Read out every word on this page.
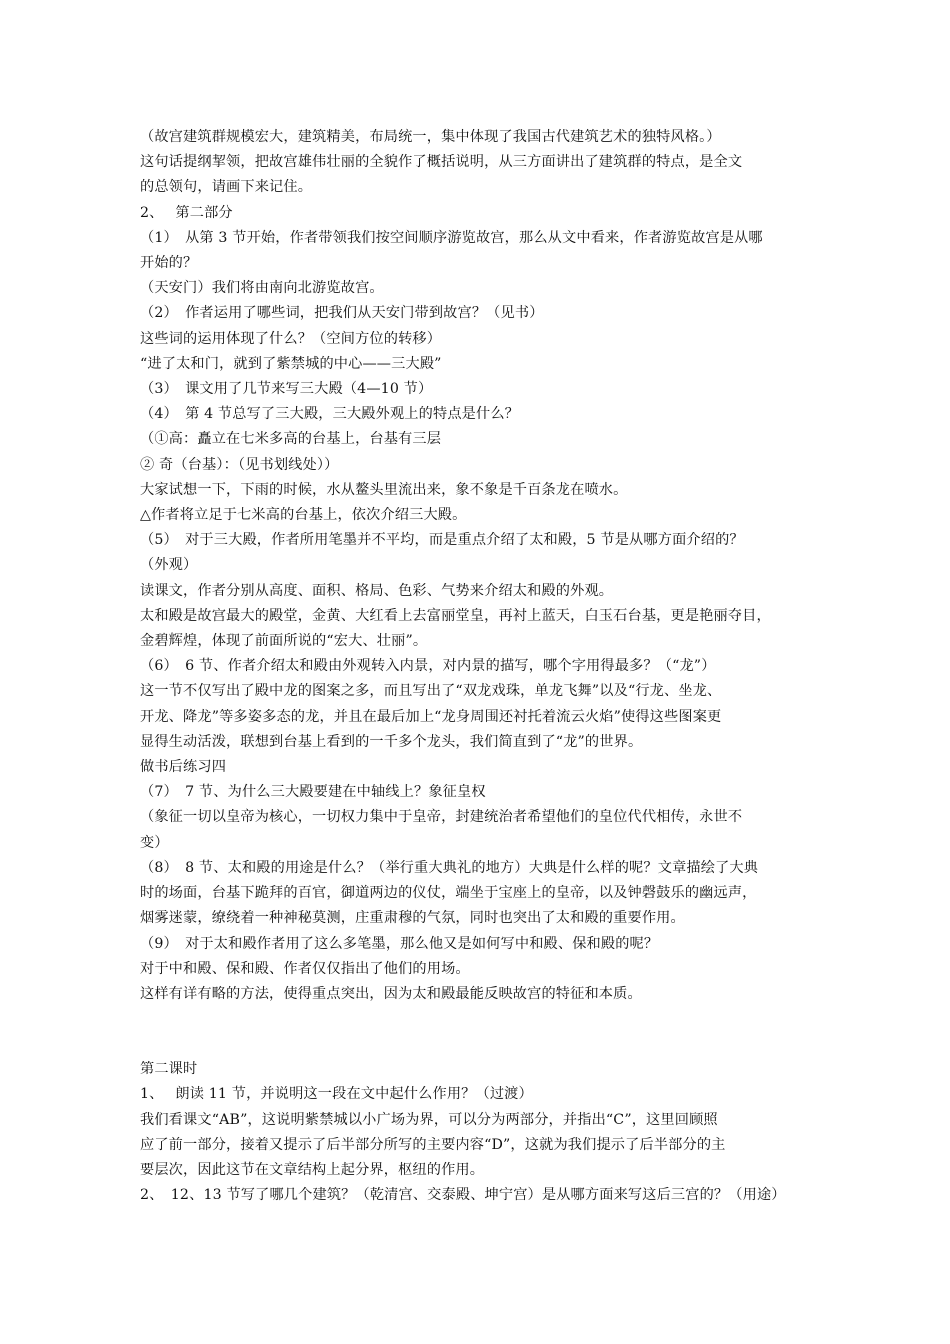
（故宫建筑群规模宏大，建筑精美，布局统一，集中体现了我国古代建筑艺术的独特风格。）
这句话提纲挈领，把故宫雄伟壮丽的全貌作了概括说明，从三方面讲出了建筑群的特点，是全文
的总领句，请画下来记住。
2、　 第二部分
（1）　从第 3 节开始，作者带领我们按空间顺序游览故宫，那么从文中看来，作者游览故宫是从哪
开始的？
（天安门）我们将由南向北游览故宫。
（2）　作者运用了哪些词，把我们从天安门带到故宫？（见书）
这些词的运用体现了什么？（空间方位的转移）
“进了太和门，就到了紫禁城的中心——三大殿”
（3）　课文用了几节来写三大殿（4—10 节）
（4）　第 4 节总写了三大殿，三大殿外观上的特点是什么？
（①高：矗立在七米多高的台基上，台基有三层
② 奇（台基）：（见书划线处））
大家试想一下，下雨的时候，水从鳌头里流出来，象不象是千百条龙在喷水。
△作者将立足于七米高的台基上，依次介绍三大殿。
（5）　对于三大殿，作者所用笔墨并不平均，而是重点介绍了太和殿，5 节是从哪方面介绍的？
（外观）
读课文，作者分别从高度、面积、格局、色彩、气势来介绍太和殿的外观。
太和殿是故宫最大的殿堂，金黄、大红看上去富丽堂皇，再衬上蓝天，白玉石台基，更是艳丽夺目，
金碧辉煌，体现了前面所说的“宏大、壮丽”。
（6）　6 节、作者介绍太和殿由外观转入内景，对内景的描写，哪个字用得最多？（“龙”）
这一节不仅写出了殿中龙的图案之多，而且写出了“双龙戏珠，单龙飞舞”以及“行龙、坐龙、
开龙、降龙”等多姿多态的龙，并且在最后加上“龙身周围还衬托着流云火焰”使得这些图案更
显得生动活泼，联想到台基上看到的一千多个龙头，我们简直到了“龙”的世界。
做书后练习四
（7）　7 节、为什么三大殿要建在中轴线上？象征皇权
（象征一切以皇帝为核心，一切权力集中于皇帝，封建统治者希望他们的皇位代代相传，永世不
变）
（8）　8 节、太和殿的用途是什么？（举行重大典礼的地方）大典是什么样的呢？文章描绘了大典
时的场面，台基下跪拜的百官，御道两边的仪仗，端坐于宝座上的皇帝，以及钟磬鼓乐的幽远声，
烟雾迷蒙，缭绕着一种神秘莫测，庄重肃穆的气氛，同时也突出了太和殿的重要作用。
（9）　对于太和殿作者用了这么多笔墨，那么他又是如何写中和殿、保和殿的呢？
对于中和殿、保和殿、作者仅仅指出了他们的用场。
这样有详有略的方法，使得重点突出，因为太和殿最能反映故宫的特征和本质。
第二课时
1、　 朗读 11 节，并说明这一段在文中起什么作用？（过渡）
我们看课文“AB”，这说明紫禁城以小广场为界，可以分为两部分，并指出“C”，这里回顾照
应了前一部分，接着又提示了后半部分所写的主要内容“D”，这就为我们提示了后半部分的主
要层次，因此这节在文章结构上起分界，枢纽的作用。
2、　12、13 节写了哪几个建筑？（乾清宫、交泰殿、坤宁宫）是从哪方面来写这后三宫的？（用途）
